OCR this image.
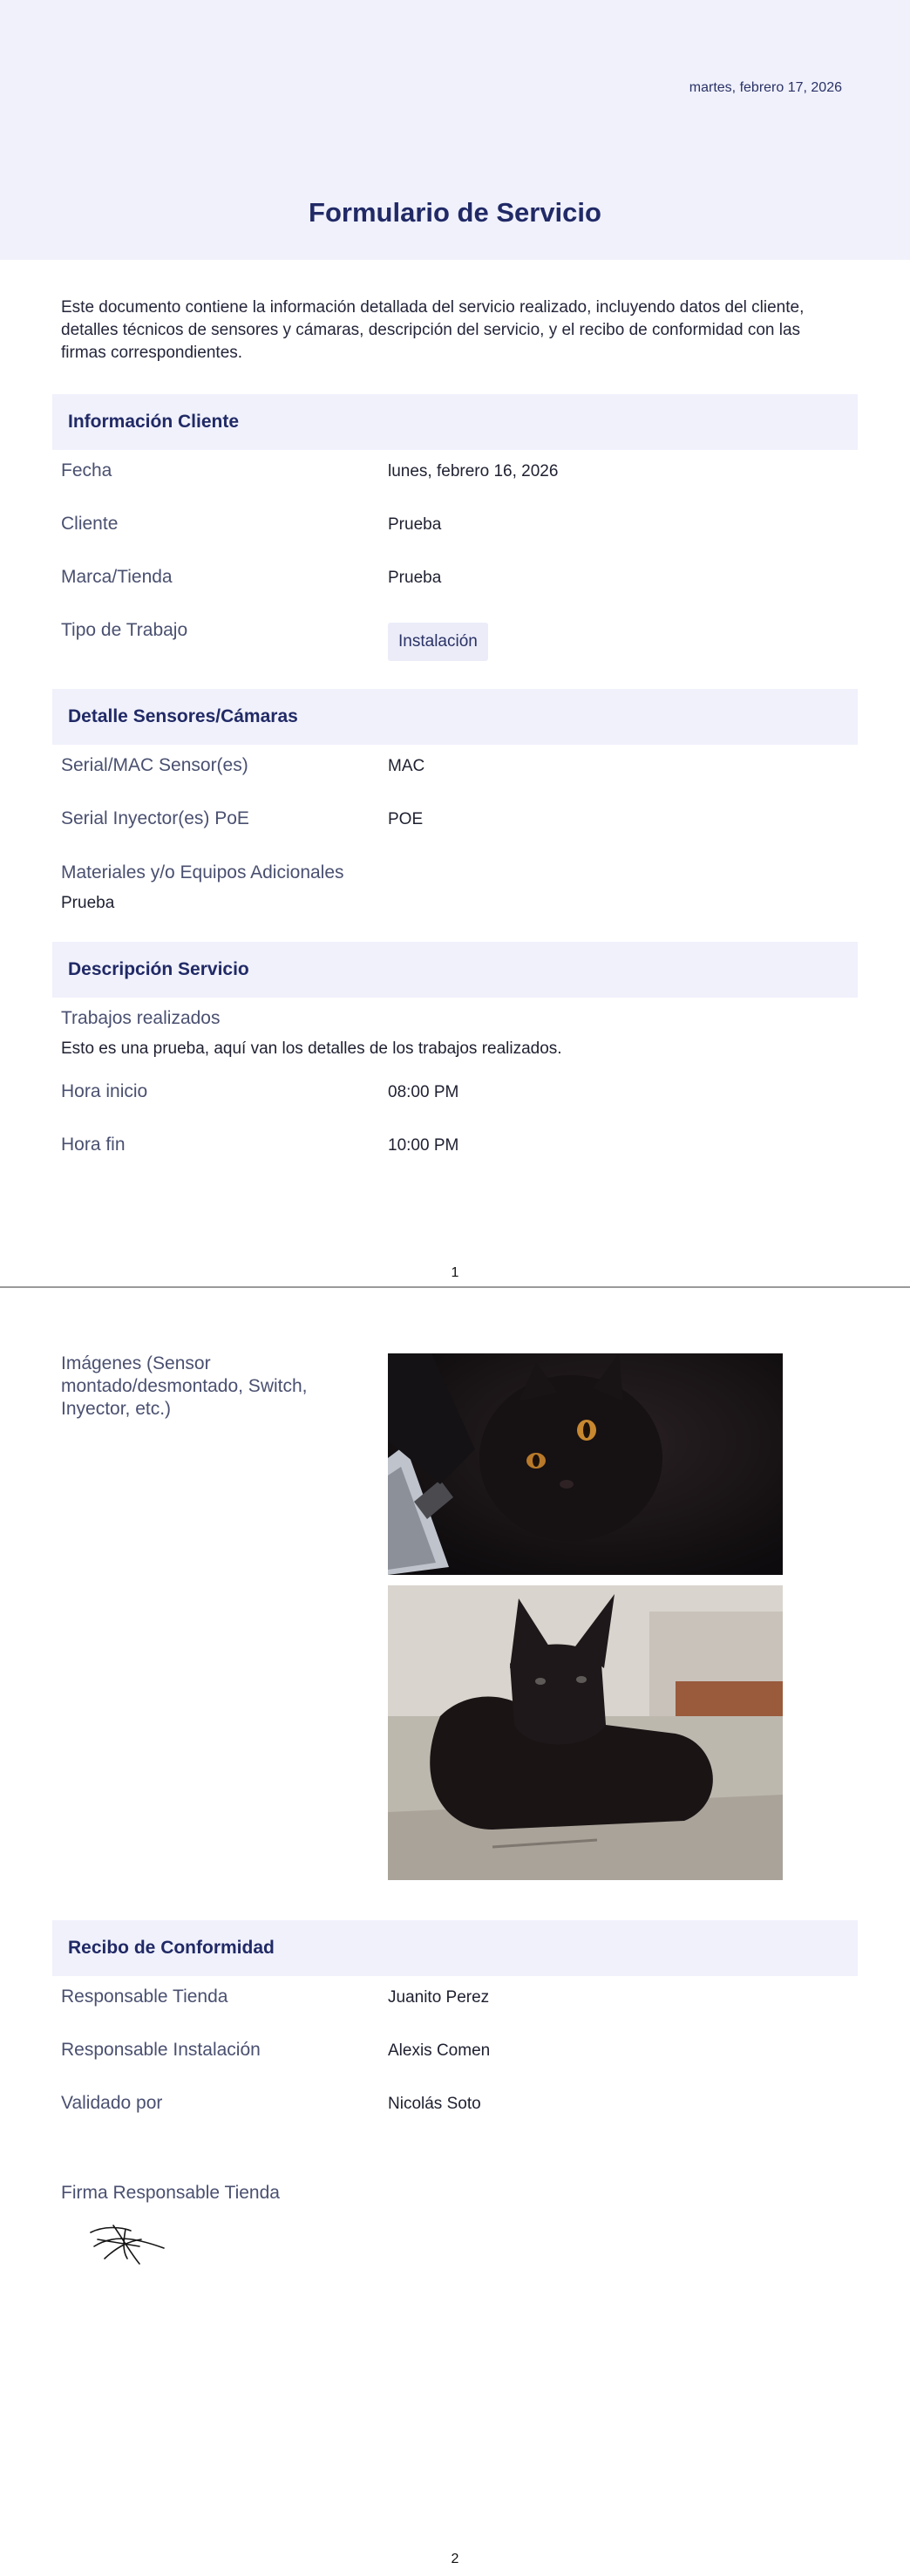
martes, febrero 17, 2026
Formulario de Servicio
Este documento contiene la información detallada del servicio realizado, incluyendo datos del cliente, detalles técnicos de sensores y cámaras, descripción del servicio, y el recibo de conformidad con las firmas correspondientes.
Información Cliente
Fecha	lunes, febrero 16, 2026
Cliente	Prueba
Marca/Tienda	Prueba
Tipo de Trabajo
Instalación
Detalle Sensores/Cámaras
Serial/MAC Sensor(es)	MAC
Serial Inyector(es) PoE	POE
Materiales y/o Equipos Adicionales
Prueba
Descripción Servicio
Trabajos realizados
Esto es una prueba, aquí van los detalles de los trabajos realizados.
Hora inicio	08:00 PM
Hora fin	10:00 PM
1
Imágenes (Sensor montado/desmontado, Switch, Inyector, etc.)
Recibo de Conformidad
Responsable Tienda	Juanito Perez
Responsable Instalación	Alexis Comen
Validado por	Nicolás Soto
Firma Responsable Tienda
2
